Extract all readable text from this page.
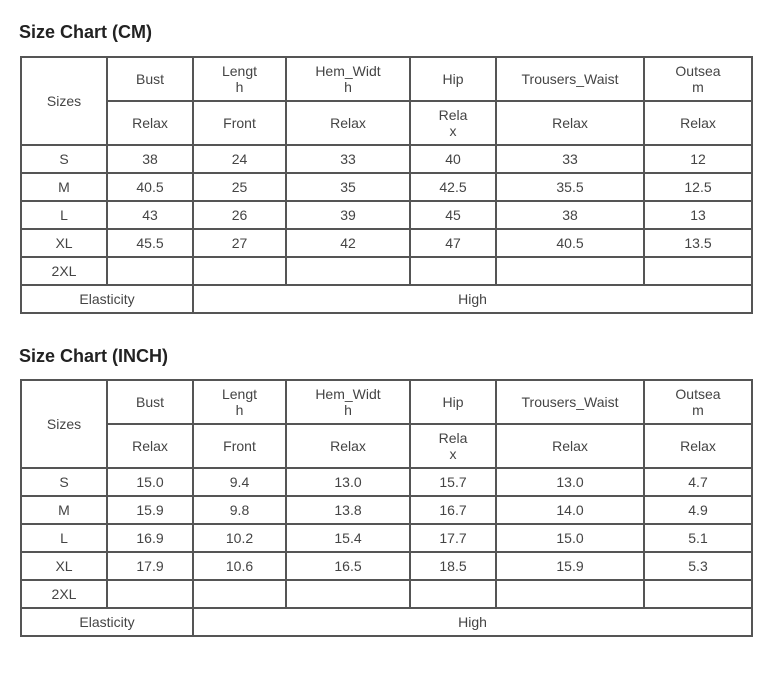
Size Chart (CM)
Sizes	Bust	Length	Hem_Width	Hip	Trousers_Waist	Outseam

	Relax	Front	Relax	Relax	Relax	Relax

S	38	24	33	40	33	12

M	40.5	25	35	42.5	35.5	12.5

L	43	26	39	45	38	13

XL	45.5	27	42	47	40.5	13.5

2XL						

Elasticity		High				
Size Chart (INCH)
Sizes	Bust	Length	Hem_Width	Hip	Trousers_Waist	Outseam

	Relax	Front	Relax	Relax	Relax	Relax

S	15.0	9.4	13.0	15.7	13.0	4.7

M	15.9	9.8	13.8	16.7	14.0	4.9

L	16.9	10.2	15.4	17.7	15.0	5.1

XL	17.9	10.6	16.5	18.5	15.9	5.3

2XL						

Elasticity		High				
